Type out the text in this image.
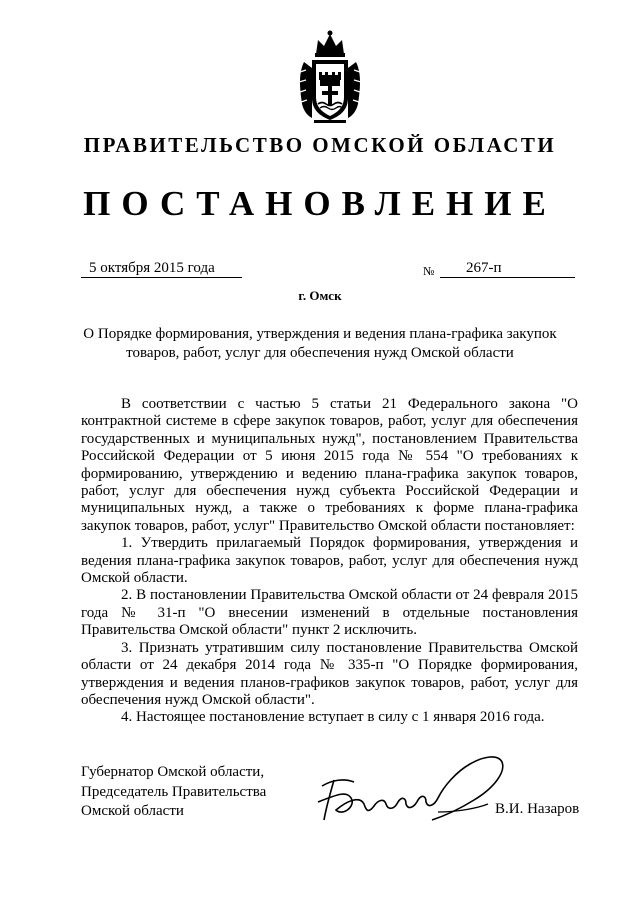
ПРАВИТЕЛЬСТВО ОМСКОЙ ОБЛАСТИ
ПОСТАНОВЛЕНИЕ
5 октября 2015 года	№	267-п
г. Омск
О Порядке формирования, утверждения и ведения плана-графика закупок
товаров, работ, услуг для обеспечения нужд Омской области

В соответствии с частью 5 статьи 21 Федерального закона "О контрактной системе в сфере закупок товаров, работ, услуг для обеспечения государственных и муниципальных нужд", постановлением Правительства Российской Федерации от 5 июня 2015 года № 554 "О требованиях к формированию, утверждению и ведению плана-графика закупок товаров, работ, услуг для обеспечения нужд субъекта Российской Федерации и муниципальных нужд, а также о требованиях к форме плана-графика закупок товаров, работ, услуг" Правительство Омской области постановляет:

1. Утвердить прилагаемый Порядок формирования, утверждения и ведения плана-графика закупок товаров, работ, услуг для обеспечения нужд Омской области.

2. В постановлении Правительства Омской области от 24 февраля 2015 года № 31-п "О внесении изменений в отдельные постановления Правительства Омской области" пункт 2 исключить.

3. Признать утратившим силу постановление Правительства Омской области от 24 декабря 2014 года № 335-п "О Порядке формирования, утверждения и ведения планов-графиков закупок товаров, работ, услуг для обеспечения нужд Омской области".

4. Настоящее постановление вступает в силу с 1 января 2016 года.

Губернатор Омской области,
Председатель Правительства
Омской области	В.И. Назаров
